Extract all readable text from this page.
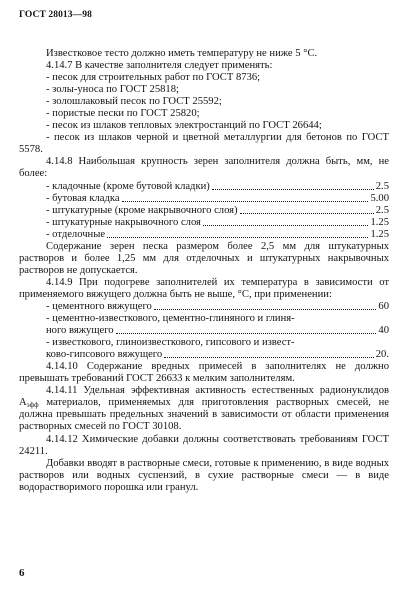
ГОСТ 28013—98

Известковое тесто должно иметь температуру не ниже 5 °С.

4.14.7 В качестве заполнителя следует применять:

- песок для строительных работ по ГОСТ 8736;

- золы-уноса по ГОСТ 25818;

- золошлаковый песок по ГОСТ 25592;

- пористые пески по ГОСТ 25820;

- песок из шлаков тепловых электростанций по ГОСТ 26644;

- песок из шлаков черной и цветной металлургии для бетонов по ГОСТ 5578.

4.14.8 Наибольшая крупность зерен заполнителя должна быть, мм, не более:

- кладочные (кроме бутовой кладки)	2.5
- бутовая кладка	5.00
- штукатурные (кроме накрывочного слоя)	2.5
- штукатурные накрывочного слоя	1.25
- отделочные	1.25

Содержание зерен песка размером более 2,5 мм для штукатурных растворов и более 1,25 мм для отделочных и штукатурных накрывочных растворов не допускается.

4.14.9 При подогреве заполнителей их температура в зависимости от применяемого вяжущего должна быть не выше, °С, при применении:

- цементного вяжущего	60

- цементно-известкового, цементно-глиняного и глиня-

ного вяжущего	40

- известкового, глиноизвесткового, гипсового и извест-

ково-гипсового вяжущего	20.

4.14.10 Содержание вредных примесей в заполнителях не должно превышать требований ГОСТ 26633 к мелким заполнителям.

4.14.11 Удельная эффективная активность естественных радионуклидов $А_{эфф}$ материалов, применяемых для приготовления растворных смесей, не должна превышать предельных значений в зависимости от области применения растворных смесей по ГОСТ 30108.

4.14.12 Химические добавки должны соответствовать требованиям ГОСТ 24211.

Добавки вводят в растворные смеси, готовые к применению, в виде водных растворов или водных суспензий, в сухие растворные смеси — в виде водорастворимого порошка или гранул.

6
